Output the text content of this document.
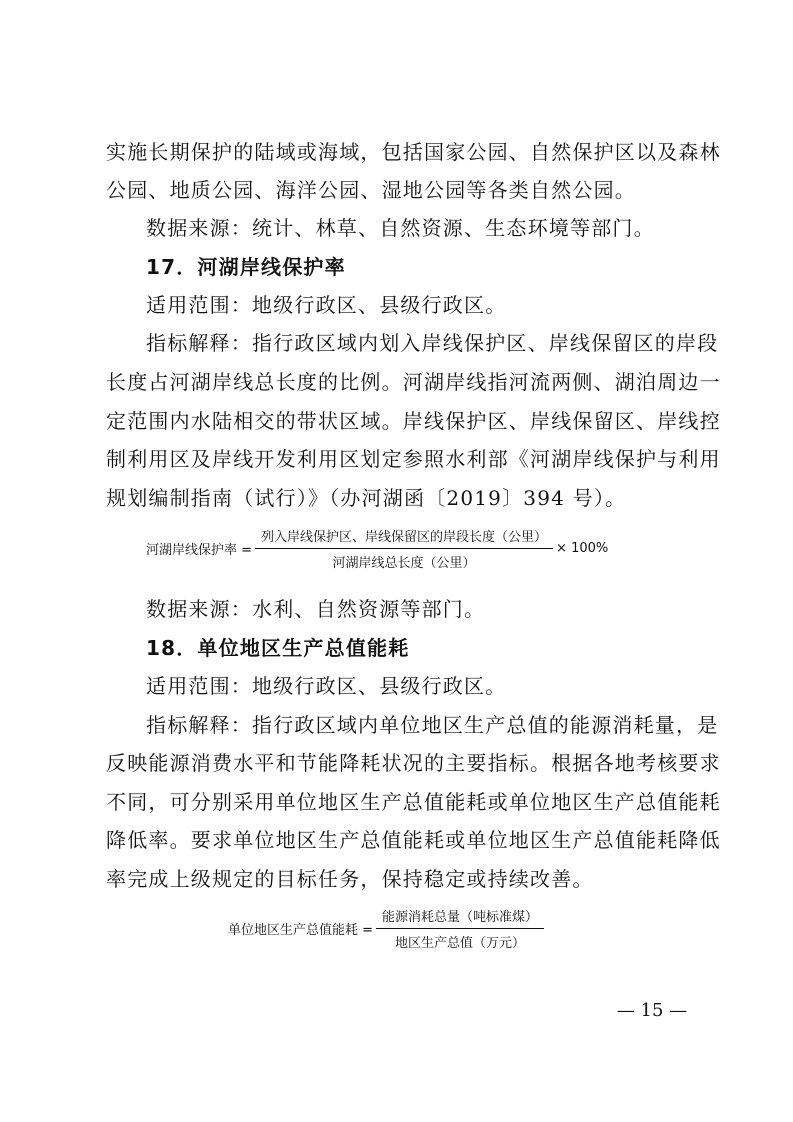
实施长期保护的陆域或海域，包括国家公园、自然保护区以及森林
公园、地质公园、海洋公园、湿地公园等各类自然公园。
数据来源：统计、林草、自然资源、生态环境等部门。
17．河湖岸线保护率
适用范围：地级行政区、县级行政区。
指标解释：指行政区域内划入岸线保护区、岸线保留区的岸段
长度占河湖岸线总长度的比例。河湖岸线指河流两侧、湖泊周边一
定范围内水陆相交的带状区域。岸线保护区、岸线保留区、岸线控
制利用区及岸线开发利用区划定参照水利部《河湖岸线保护与利用
规划编制指南（试行）》（办河湖函〔2019〕394 号）。
河湖岸线保护率 = $\frac{\text{列入岸线保护区、岸线保留区的岸段长度（公里）}}{\text{河湖岸线总长度（公里）}} \times 100\%$
数据来源：水利、自然资源等部门。
18．单位地区生产总值能耗
适用范围：地级行政区、县级行政区。
指标解释：指行政区域内单位地区生产总值的能源消耗量，是
反映能源消费水平和节能降耗状况的主要指标。根据各地考核要求
不同，可分别采用单位地区生产总值能耗或单位地区生产总值能耗
降低率。要求单位地区生产总值能耗或单位地区生产总值能耗降低
率完成上级规定的目标任务，保持稳定或持续改善。
单位地区生产总值能耗 = $\frac{\text{能源消耗总量（吨标准煤）}}{\text{地区生产总值（万元）}}$
— 15 —
